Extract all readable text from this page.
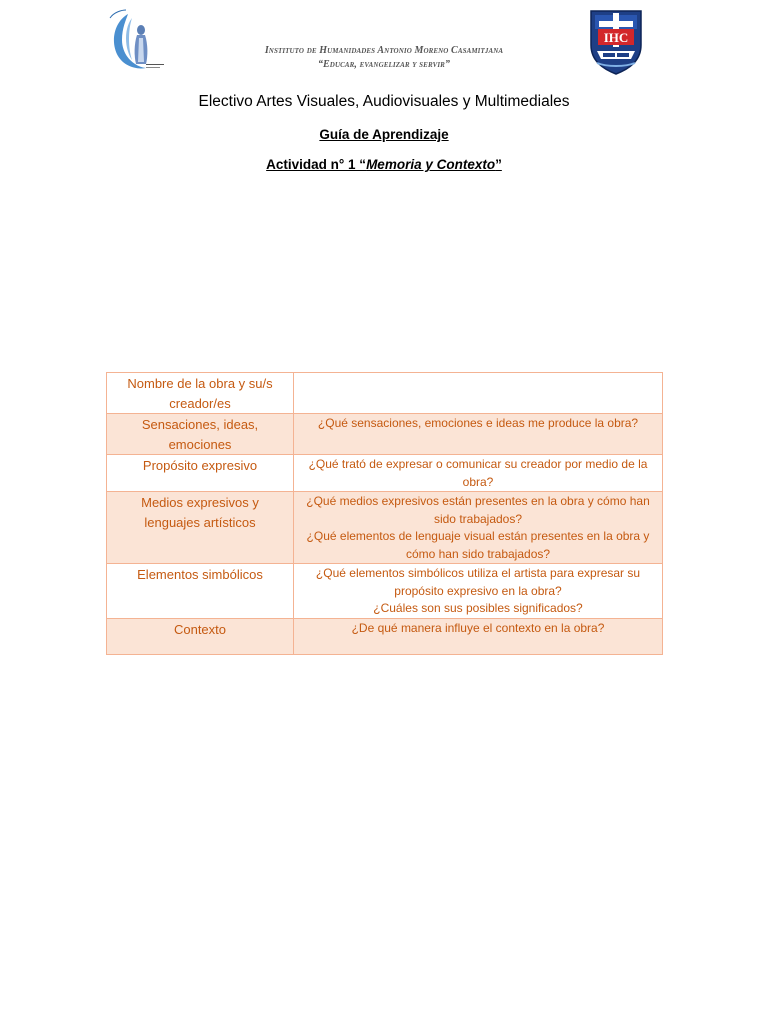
Instituto de Humanidades Antonio Moreno Casamitjana
“Educar, evangelizar y servir”
IHC
Electivo Artes Visuales, Audiovisuales y Multimediales
Guía de Aprendizaje
Actividad n° 1 “Memoria y Contexto”
Nombre de la obra y su/s creador/es	
Sensaciones, ideas, emociones	¿Qué sensaciones, emociones e ideas me produce la obra?
Propósito expresivo	¿Qué trató de expresar o comunicar su creador por medio de la obra?
Medios expresivos y lenguajes artísticos	¿Qué medios expresivos están presentes en la obra y cómo han sido trabajados?
¿Qué elementos de lenguaje visual están presentes en la obra y cómo han sido trabajados?

Elementos simbólicos	¿Qué elementos simbólicos utiliza el artista para expresar su propósito expresivo en la obra?
¿Cuáles son sus posibles significados?

Contexto	¿De qué manera influye el contexto en la obra?
